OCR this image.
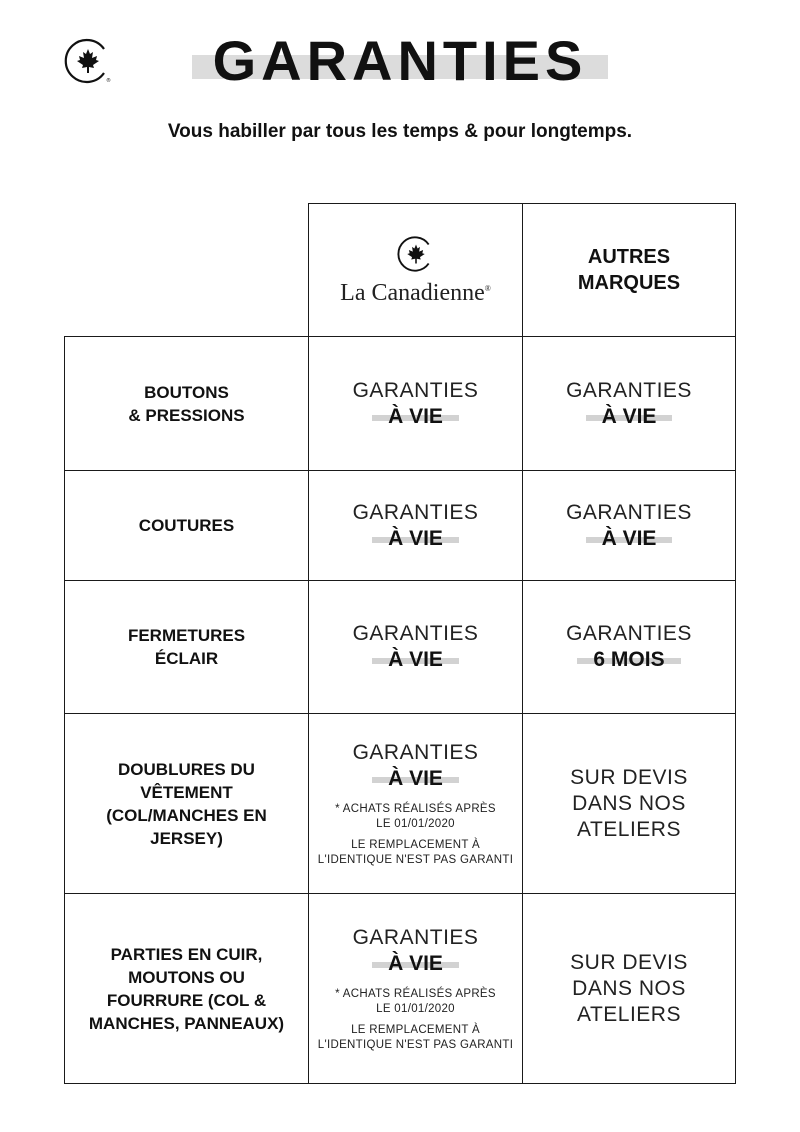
®	GARANTIES
Vous habiller par tous les temps & pour longtemps.
La Canadienne®
AUTRES
MARQUES
BOUTONS
& PRESSIONS
GARANTIES
À VIE
GARANTIES
À VIE
COUTURES
GARANTIES
À VIE
GARANTIES
À VIE
FERMETURES
ÉCLAIR
GARANTIES
À VIE
GARANTIES
6 MOIS
DOUBLURES DU
VÊTEMENT
(COL/MANCHES EN
JERSEY)
GARANTIES
À VIE
* ACHATS RÉALISÉS APRÈS
LE 01/01/2020
LE REMPLACEMENT À
L'IDENTIQUE N'EST PAS GARANTI
SUR DEVIS
DANS NOS
ATELIERS
PARTIES EN CUIR,
MOUTONS OU
FOURRURE (COL &
MANCHES, PANNEAUX)
GARANTIES
À VIE
* ACHATS RÉALISÉS APRÈS
LE 01/01/2020
LE REMPLACEMENT À
L'IDENTIQUE N'EST PAS GARANTI
SUR DEVIS
DANS NOS
ATELIERS
